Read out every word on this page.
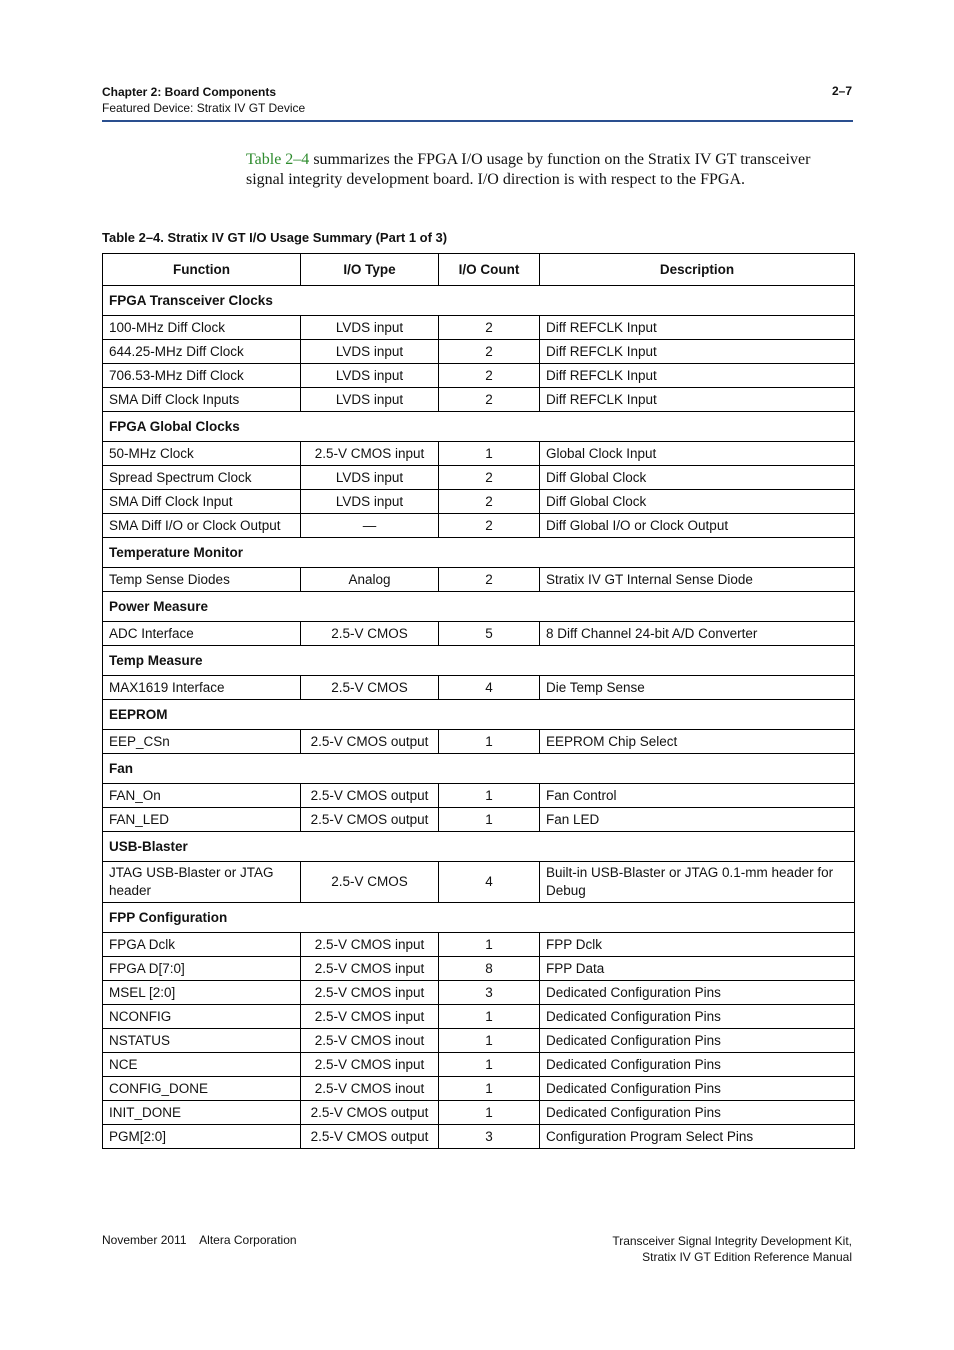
Chapter 2: Board Components
Featured Device: Stratix IV GT Device
2–7
Table 2–4 summarizes the FPGA I/O usage by function on the Stratix IV GT transceiver signal integrity development board. I/O direction is with respect to the FPGA.
Table 2–4. Stratix IV GT I/O Usage Summary (Part 1 of 3)
Function	I/O Type	I/O Count	Description
FPGA Transceiver Clocks			
100-MHz Diff Clock	LVDS input	2	Diff REFCLK Input
644.25-MHz Diff Clock	LVDS input	2	Diff REFCLK Input
706.53-MHz Diff Clock	LVDS input	2	Diff REFCLK Input
SMA Diff Clock Inputs	LVDS input	2	Diff REFCLK Input
FPGA Global Clocks			
50-MHz Clock	2.5-V CMOS input	1	Global Clock Input
Spread Spectrum Clock	LVDS input	2	Diff Global Clock
SMA Diff Clock Input	LVDS input	2	Diff Global Clock
SMA Diff I/O or Clock Output	—	2	Diff Global I/O or Clock Output
Temperature Monitor			
Temp Sense Diodes	Analog	2	Stratix IV GT Internal Sense Diode
Power Measure			
ADC Interface	2.5-V CMOS	5	8 Diff Channel 24-bit A/D Converter
Temp Measure			
MAX1619 Interface	2.5-V CMOS	4	Die Temp Sense
EEPROM			
EEP_CSn	2.5-V CMOS output	1	EEPROM Chip Select
Fan			
FAN_On	2.5-V CMOS output	1	Fan Control
FAN_LED	2.5-V CMOS output	1	Fan LED
USB-Blaster			
JTAG USB-Blaster or JTAG header	2.5-V CMOS	4	Built-in USB-Blaster or JTAG 0.1-mm header for Debug
FPP Configuration			
FPGA Dclk	2.5-V CMOS input	1	FPP Dclk
FPGA D[7:0]	2.5-V CMOS input	8	FPP Data
MSEL [2:0]	2.5-V CMOS input	3	Dedicated Configuration Pins
NCONFIG	2.5-V CMOS input	1	Dedicated Configuration Pins
NSTATUS	2.5-V CMOS inout	1	Dedicated Configuration Pins
NCE	2.5-V CMOS input	1	Dedicated Configuration Pins
CONFIG_DONE	2.5-V CMOS inout	1	Dedicated Configuration Pins
INIT_DONE	2.5-V CMOS output	1	Dedicated Configuration Pins
PGM[2:0]	2.5-V CMOS output	3	Configuration Program Select Pins
November 2011    Altera Corporation	Transceiver Signal Integrity Development Kit,
Stratix IV GT Edition Reference Manual
